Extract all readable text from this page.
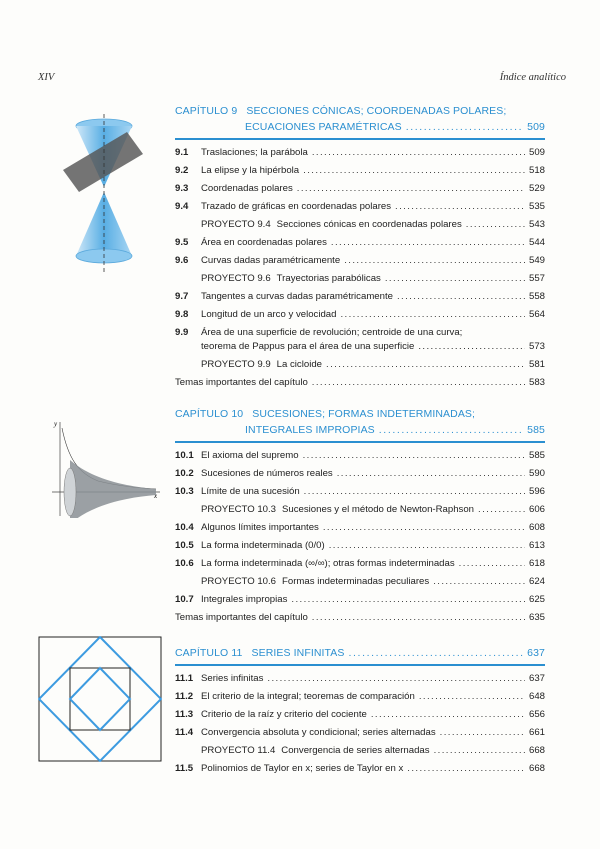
XIV	Índice analítico
y
x
CAPÍTULO 9
SECCIONES CÓNICAS; COORDENADAS POLARES;
ECUACIONES PARAMÉTRICAS .....	509
9.1	Traslaciones; la parábola .....	509
9.2	La elipse y la hipérbola .....	518
9.3	Coordenadas polares .....	529
9.4	Trazado de gráficas en coordenadas polares .....	535
PROYECTO 9.4 Secciones cónicas en coordenadas polares .....	543
9.5	Área en coordenadas polares .....	544
9.6	Curvas dadas paramétricamente .....	549
PROYECTO 9.6 Trayectorias parabólicas .....	557
9.7	Tangentes a curvas dadas paramétricamente .....	558
9.8	Longitud de un arco y velocidad .....	564
9.9	Área de una superficie de revolución; centroide de una curva;
teorema de Pappus para el área de una superficie .....	573
PROYECTO 9.9 La cicloide .....	581
Temas importantes del capítulo .....	583
CAPÍTULO 10
SUCESIONES; FORMAS INDETERMINADAS;
INTEGRALES IMPROPIAS .....	585
10.1 El axioma del supremo .....	585
10.2 Sucesiones de números reales .....	590
10.3 Límite de una sucesión .....	596
PROYECTO 10.3 Sucesiones y el método de Newton-Raphson .....	606
10.4 Algunos límites importantes .....	608
10.5 La forma indeterminada (0/0) .....	613
10.6 La forma indeterminada (∞/∞); otras formas indeterminadas .....	618
PROYECTO 10.6 Formas indeterminadas peculiares .....	624
10.7 Integrales impropias .....	625
Temas importantes del capítulo .....	635
CAPÍTULO 11
SERIES INFINITAS .....	637
11.1 Series infinitas .....	637
11.2 El criterio de la integral; teoremas de comparación .....	648
11.3 Criterio de la raíz y criterio del cociente .....	656
11.4 Convergencia absoluta y condicional; series alternadas .....	661
PROYECTO 11.4 Convergencia de series alternadas .....	668
11.5 Polinomios de Taylor en x; series de Taylor en x .....	668
